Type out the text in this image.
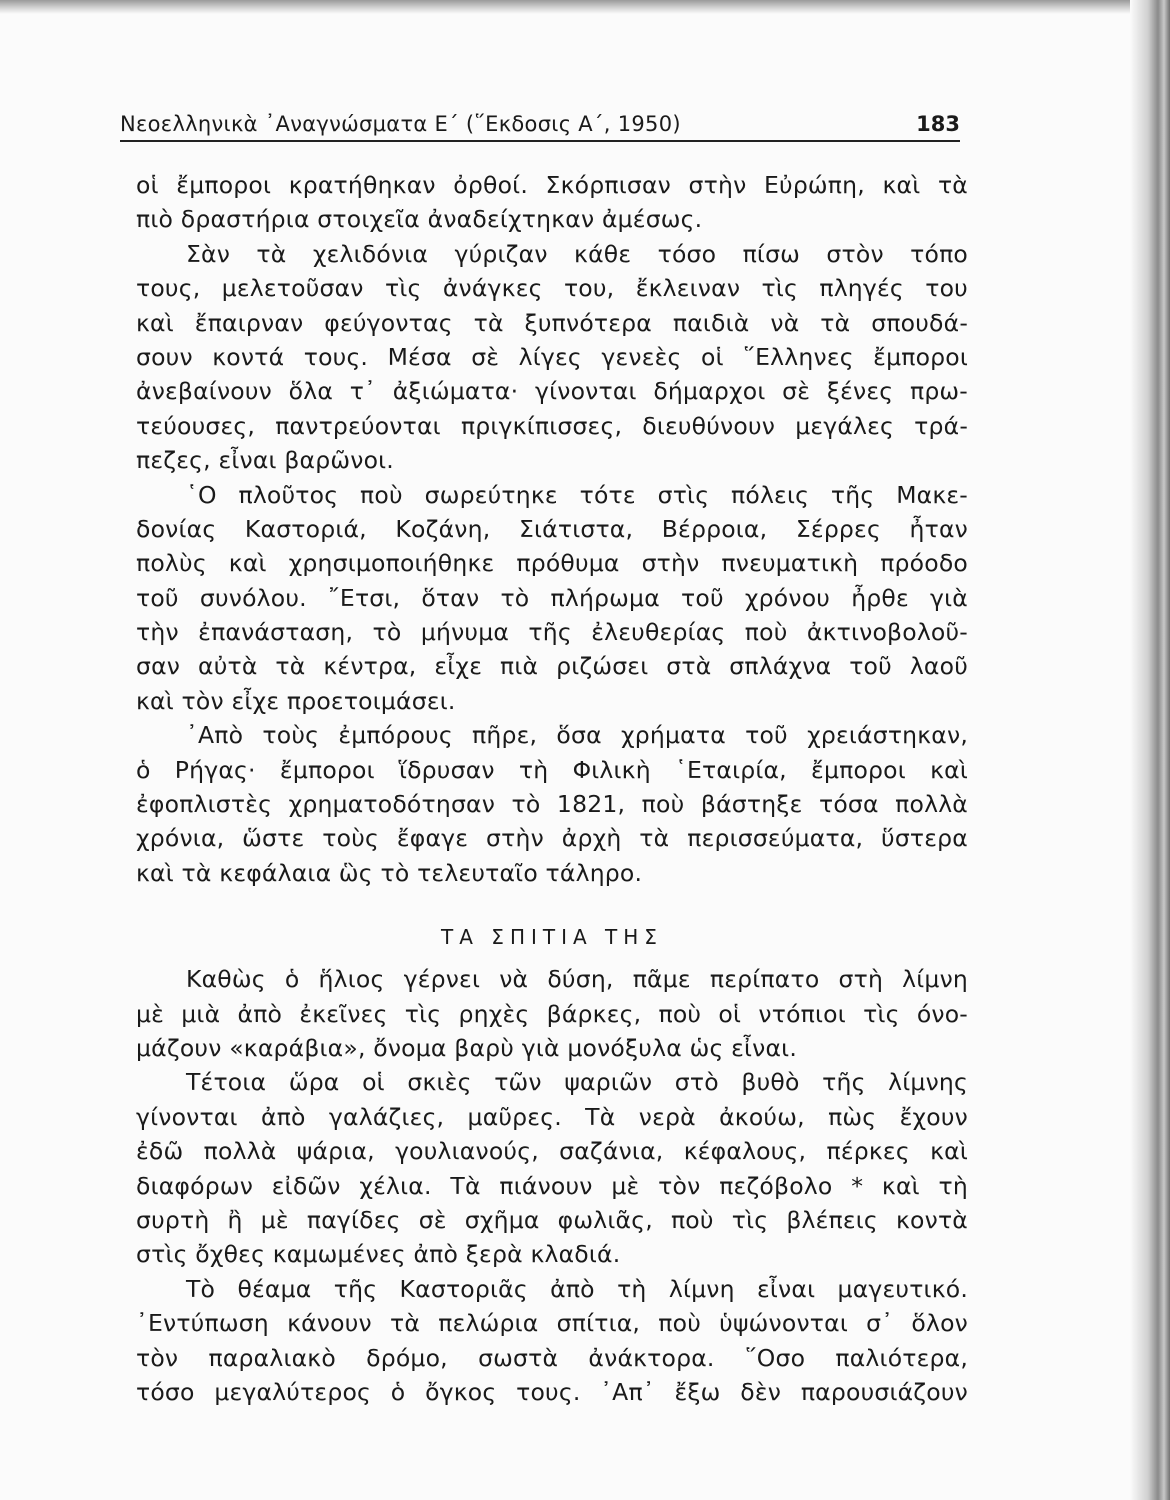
Νεοελληνικὰ ᾿Αναγνώσματα Ε΄ (῞Εκδοσις Α΄, 1950)	183
οἱ ἔμποροι κρατήθηκαν ὀρθοί. Σκόρπισαν στὴν Εὐρώπη, καὶ τὰ
πιὸ δραστήρια στοιχεῖα ἀναδείχτηκαν ἀμέσως.
Σὰν τὰ χελιδόνια γύριζαν κάθε τόσο πίσω στὸν τόπο
τους, μελετοῦσαν τὶς ἀνάγκες του, ἔκλειναν τὶς πληγές του
καὶ ἔπαιρναν φεύγοντας τὰ ξυπνότερα παιδιὰ νὰ τὰ σπουδά-
σουν κοντά τους. Μέσα σὲ λίγες γενεὲς οἱ ῞Ελληνες ἔμποροι
ἀνεβαίνουν ὅλα τ᾿ ἀξιώματα· γίνονται δήμαρχοι σὲ ξένες πρω-
τεύουσες, παντρεύονται πριγκίπισσες, διευθύνουν μεγάλες τρά-
πεζες, εἶναι βαρῶνοι.
῾Ο πλοῦτος ποὺ σωρεύτηκε τότε στὶς πόλεις τῆς Μακε-
δονίας Καστοριά, Κοζάνη, Σιάτιστα, Βέρροια, Σέρρες ἦταν
πολὺς καὶ χρησιμοποιήθηκε πρόθυμα στὴν πνευματικὴ πρόοδο
τοῦ συνόλου. ῎Ετσι, ὅταν τὸ πλήρωμα τοῦ χρόνου ἦρθε γιὰ
τὴν ἐπανάσταση, τὸ μήνυμα τῆς ἐλευθερίας ποὺ ἀκτινοβολοῦ-
σαν αὐτὰ τὰ κέντρα, εἶχε πιὰ ριζώσει στὰ σπλάχνα τοῦ λαοῦ
καὶ τὸν εἶχε προετοιμάσει.
᾿Απὸ τοὺς ἐμπόρους πῆρε, ὅσα χρήματα τοῦ χρειάστηκαν,
ὁ Ρήγας· ἔμποροι ἵδρυσαν τὴ Φιλικὴ ῾Εταιρία, ἔμποροι καὶ
ἐφοπλιστὲς χρηματοδότησαν τὸ 1821, ποὺ βάστηξε τόσα πολλὰ
χρόνια, ὥστε τοὺς ἔφαγε στὴν ἀρχὴ τὰ περισσεύματα, ὕστερα
καὶ τὰ κεφάλαια ὣς τὸ τελευταῖο τάληρο.
ΤΑ ΣΠΙΤΙΑ ΤΗΣ
Καθὼς ὁ ἥλιος γέρνει νὰ δύση, πᾶμε περίπατο στὴ λίμνη
μὲ μιὰ ἀπὸ ἐκεῖνες τὶς ρηχὲς βάρκες, ποὺ οἱ ντόπιοι τὶς όνο-
μάζουν «καράβια», ὄνομα βαρὺ γιὰ μονόξυλα ὡς εἶναι.
Τέτοια ὥρα οἱ σκιὲς τῶν ψαριῶν στὸ βυθὸ τῆς λίμνης
γίνονται ἀπὸ γαλάζιες, μαῦρες. Τὰ νερὰ ἀκούω, πὼς ἔχουν
ἐδῶ πολλὰ ψάρια, γουλιανούς, σαζάνια, κέφαλους, πέρκες καὶ
διαφόρων εἰδῶν χέλια. Τὰ πιάνουν μὲ τὸν πεζόβολο * καὶ τὴ
συρτὴ ἢ μὲ παγίδες σὲ σχῆμα φωλιᾶς, ποὺ τὶς βλέπεις κοντὰ
στὶς ὄχθες καμωμένες ἀπὸ ξερὰ κλαδιά.
Τὸ θέαμα τῆς Καστοριᾶς ἀπὸ τὴ λίμνη εἶναι μαγευτικό.
᾿Εντύπωση κάνουν τὰ πελώρια σπίτια, ποὺ ὑψώνονται σ᾿ ὅλον
τὸν παραλιακὸ δρόμο, σωστὰ ἀνάκτορα. ῞Οσο παλιότερα,
τόσο μεγαλύτερος ὁ ὄγκος τους. ᾿Απ᾿ ἔξω δὲν παρουσιάζουν
